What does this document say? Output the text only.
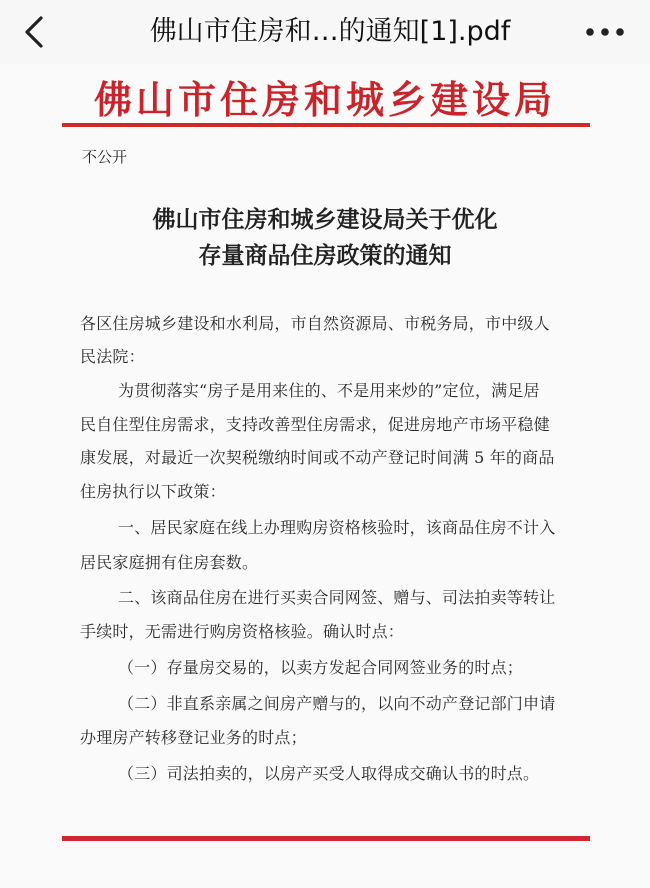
佛山市住房和…的通知[1].pdf
佛山市住房和城乡建设局
不公开
佛山市住房和城乡建设局关于优化
存量商品住房政策的通知
各区住房城乡建设和水利局，市自然资源局、市税务局，市中级人
民法院：
为贯彻落实“房子是用来住的、不是用来炒的”定位，满足居
民自住型住房需求，支持改善型住房需求，促进房地产市场平稳健
康发展，对最近一次契税缴纳时间或不动产登记时间满 5 年的商品
住房执行以下政策：
一、居民家庭在线上办理购房资格核验时，该商品住房不计入
居民家庭拥有住房套数。
二、该商品住房在进行买卖合同网签、赠与、司法拍卖等转让
手续时，无需进行购房资格核验。确认时点：
（一）存量房交易的，以卖方发起合同网签业务的时点；
（二）非直系亲属之间房产赠与的，以向不动产登记部门申请
办理房产转移登记业务的时点；
（三）司法拍卖的，以房产买受人取得成交确认书的时点。
